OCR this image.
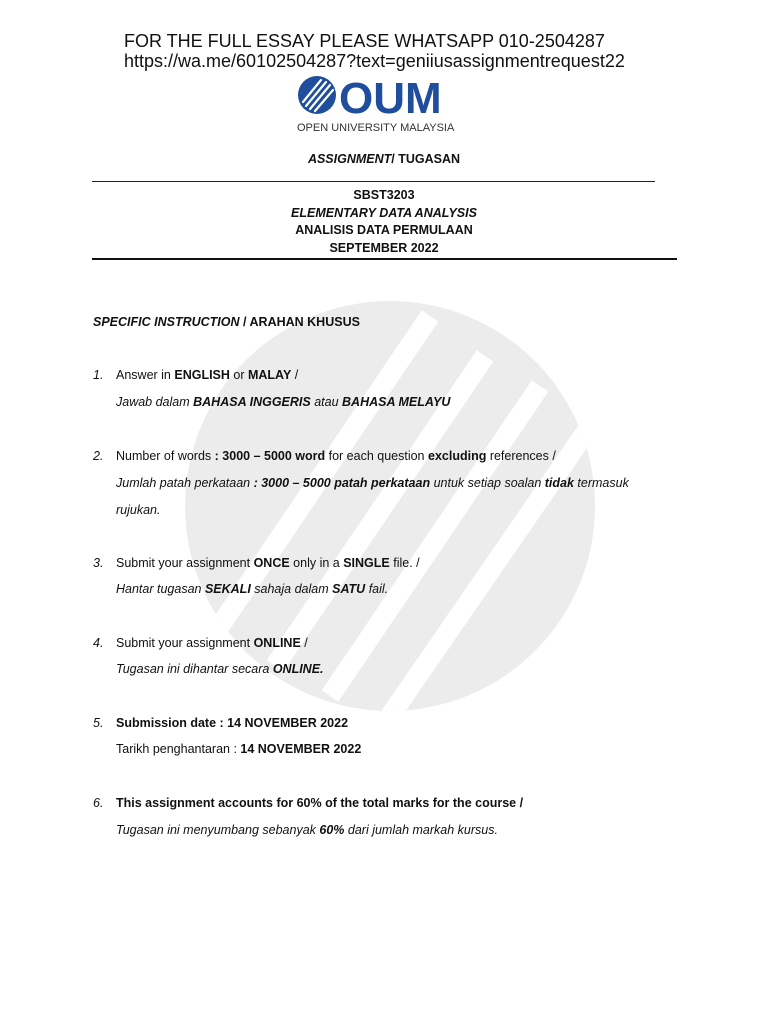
FOR THE FULL ESSAY PLEASE WHATSAPP 010-2504287
https://wa.me/60102504287?text=geniiusassignmentrequest22
OUM
OPEN UNIVERSITY MALAYSIA
ASSIGNMENT/ TUGASAN
SBST3203
ELEMENTARY DATA ANALYSIS
ANALISIS DATA PERMULAAN
SEPTEMBER 2022
SPECIFIC INSTRUCTION / ARAHAN KHUSUS
1. Answer in ENGLISH or MALAY /
Jawab dalam BAHASA INGGERIS atau BAHASA MELAYU
2. Number of words : 3000 – 5000 word for each question excluding references /
Jumlah patah perkataan : 3000 – 5000 patah perkataan untuk setiap soalan tidak termasuk
rujukan.
3. Submit your assignment ONCE only in a SINGLE file. /
Hantar tugasan SEKALI sahaja dalam SATU fail.
4. Submit your assignment ONLINE /
Tugasan ini dihantar secara ONLINE.
5. Submission date : 14 NOVEMBER 2022
Tarikh penghantaran : 14 NOVEMBER 2022
6. This assignment accounts for 60% of the total marks for the course /
Tugasan ini menyumbang sebanyak 60% dari jumlah markah kursus.
